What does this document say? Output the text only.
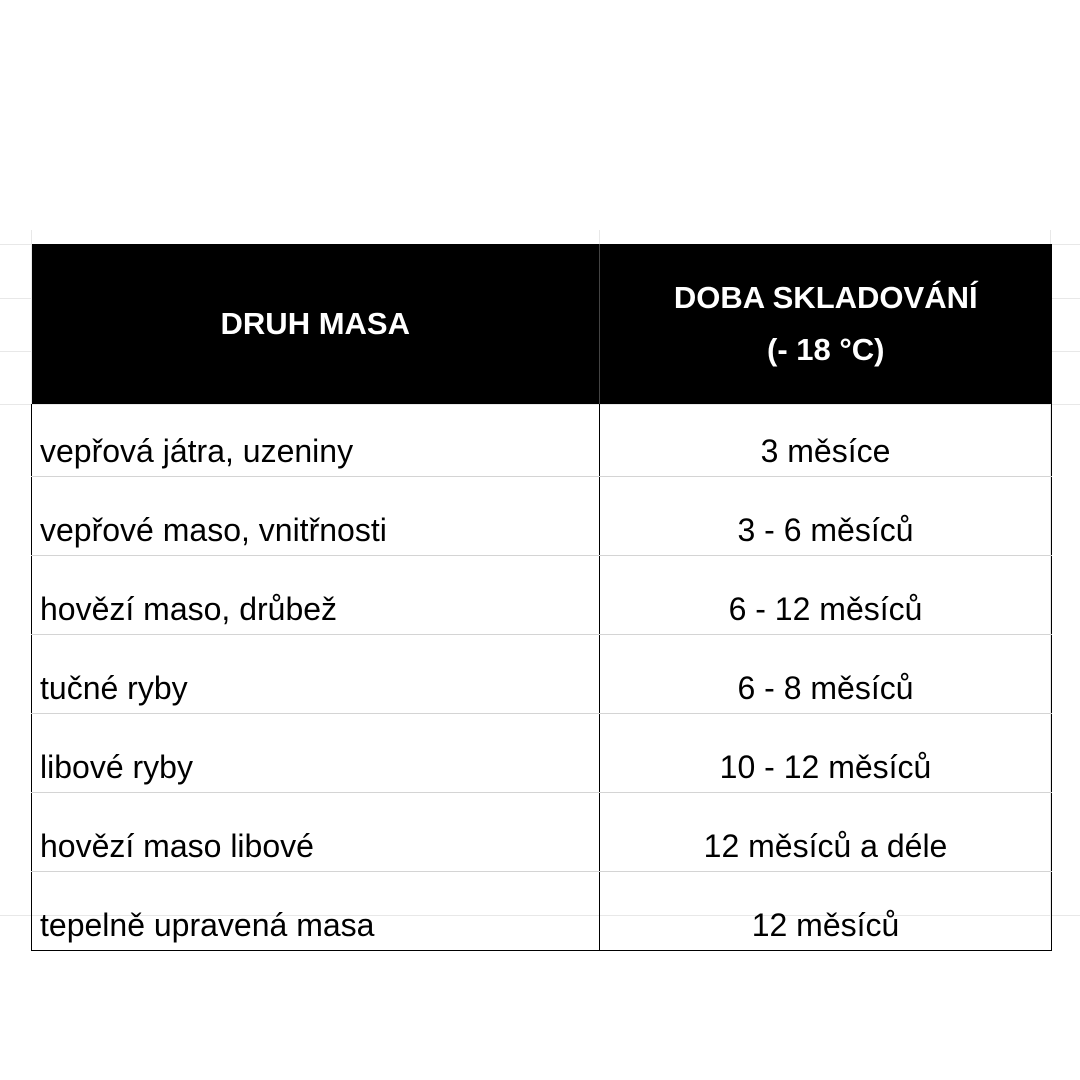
DRUH MASA	DOBA SKLADOVÁNÍ
(- 18 °C)

vepřová játra, uzeniny	3 měsíce
vepřové maso, vnitřnosti	3 - 6 měsíců
hovězí maso, drůbež	6 - 12 měsíců
tučné ryby	6 - 8 měsíců
libové ryby	10 - 12 měsíců
hovězí maso libové	12 měsíců a déle
tepelně upravená masa	12 měsíců
